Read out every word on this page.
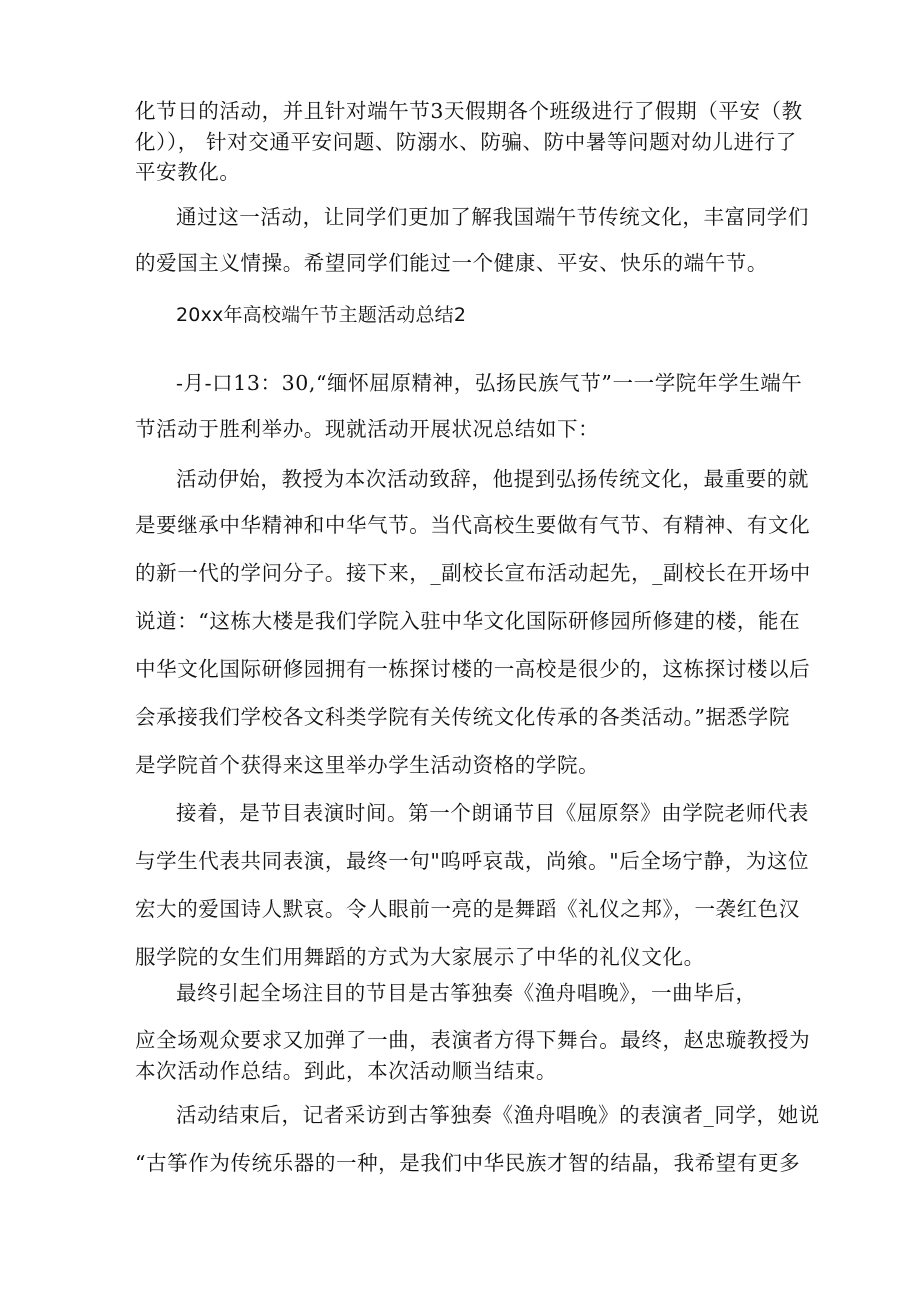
化节日的活动，并且针对端午节3天假期各个班级进行了假期（平安（教
化））， 针对交通平安问题、防溺水、防骗、防中暑等问题对幼儿进行了
平安教化。
通过这一活动，让同学们更加了解我国端午节传统文化，丰富同学们
的爱国主义情操。希望同学们能过一个健康、平安、快乐的端午节。
20xx年高校端午节主题活动总结2
-月-口13：30,“缅怀屈原精神，弘扬民族气节”一一学院年学生端午
节活动于胜利举办。现就活动开展状况总结如下：
活动伊始，教授为本次活动致辞，他提到弘扬传统文化，最重要的就
是要继承中华精神和中华气节。当代高校生要做有气节、有精神、有文化
的新一代的学问分子。接下来，_副校长宣布活动起先，_副校长在开场中
说道：“这栋大楼是我们学院入驻中华文化国际研修园所修建的楼，能在
中华文化国际研修园拥有一栋探讨楼的一高校是很少的，这栋探讨楼以后
会承接我们学校各文科类学院有关传统文化传承的各类活动。”据悉学院
是学院首个获得来这里举办学生活动资格的学院。
接着，是节目表演时间。第一个朗诵节目《屈原祭》由学院老师代表
与学生代表共同表演，最终一句"呜呼哀哉，尚飨。"后全场宁静，为这位
宏大的爱国诗人默哀。令人眼前一亮的是舞蹈《礼仪之邦》，一袭红色汉
服学院的女生们用舞蹈的方式为大家展示了中华的礼仪文化。
最终引起全场注目的节目是古筝独奏《渔舟唱晚》，一曲毕后，
应全场观众要求又加弹了一曲，表演者方得下舞台。最终，赵忠璇教授为
本次活动作总结。到此，本次活动顺当结束。
活动结束后，记者采访到古筝独奏《渔舟唱晚》的表演者_同学，她说
“古筝作为传统乐器的一种，是我们中华民族才智的结晶，我希望有更多
